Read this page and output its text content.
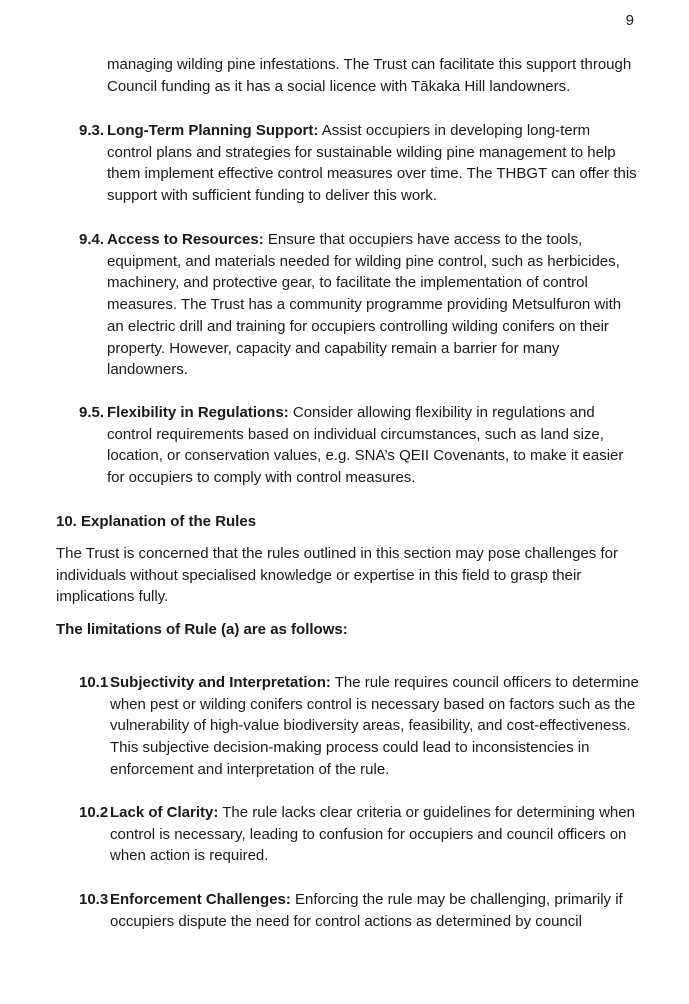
9

managing wilding pine infestations. The Trust can facilitate this support through Council funding as it has a social licence with Tākaka Hill landowners.

9.3. Long-Term Planning Support: Assist occupiers in developing long-term control plans and strategies for sustainable wilding pine management to help them implement effective control measures over time. The THBGT can offer this support with sufficient funding to deliver this work.

9.4. Access to Resources: Ensure that occupiers have access to the tools, equipment, and materials needed for wilding pine control, such as herbicides, machinery, and protective gear, to facilitate the implementation of control measures. The Trust has a community programme providing Metsulfuron with an electric drill and training for occupiers controlling wilding conifers on their property. However, capacity and capability remain a barrier for many landowners.

9.5. Flexibility in Regulations: Consider allowing flexibility in regulations and control requirements based on individual circumstances, such as land size, location, or conservation values, e.g. SNA’s QEII Covenants, to make it easier for occupiers to comply with control measures.

10. Explanation of the Rules

The Trust is concerned that the rules outlined in this section may pose challenges for individuals without specialised knowledge or expertise in this field to grasp their implications fully.

The limitations of Rule (a) are as follows:
10.1 Subjectivity and Interpretation: The rule requires council officers to determine when pest or wilding conifers control is necessary based on factors such as the vulnerability of high-value biodiversity areas, feasibility, and cost-effectiveness. This subjective decision-making process could lead to inconsistencies in enforcement and interpretation of the rule.

10.2 Lack of Clarity: The rule lacks clear criteria or guidelines for determining when control is necessary, leading to confusion for occupiers and council officers on when action is required.

10.3 Enforcement Challenges: Enforcing the rule may be challenging, primarily if occupiers dispute the need for control actions as determined by council
